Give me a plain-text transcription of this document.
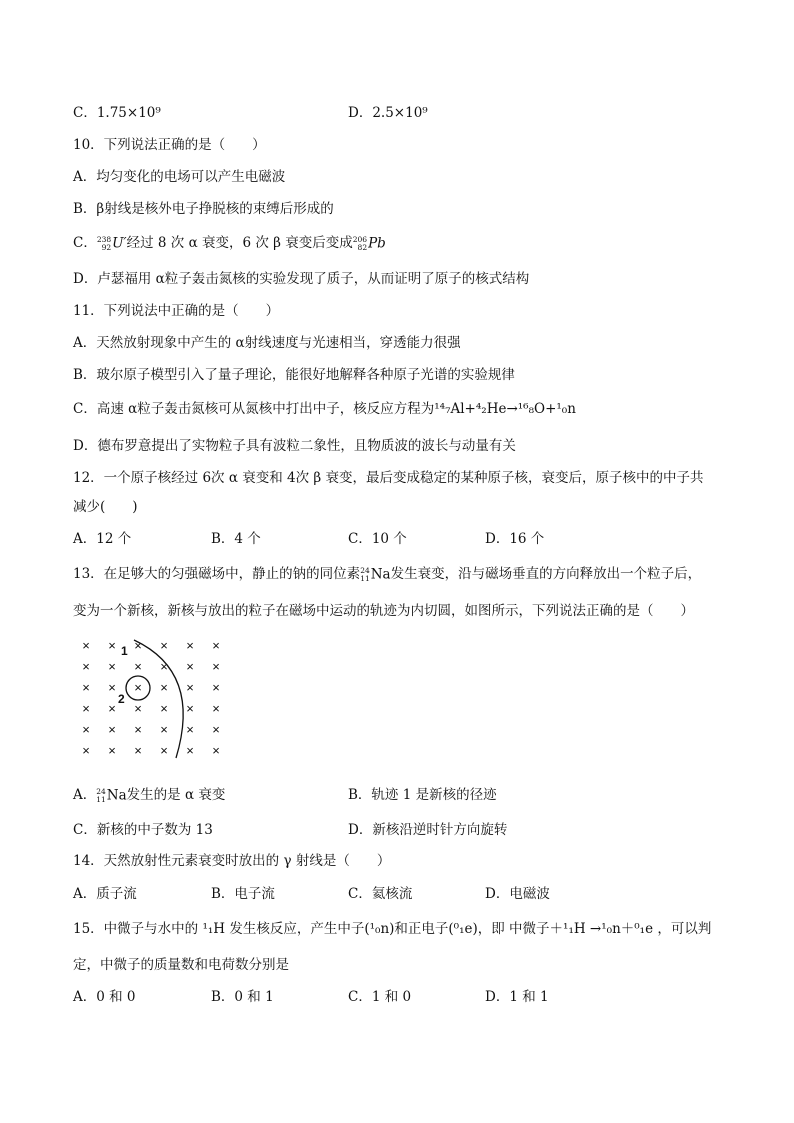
C．1.75×10⁹	D．2.5×10⁹
10．下列说法正确的是（　　）
A．均匀变化的电场可以产生电磁波
B．β射线是核外电子挣脱核的束缚后形成的
C． 238
92 U′经过 8 次 α 衰变，6 次 β 衰变后变成 206
82 Pb
D．卢瑟福用 α粒子轰击氮核的实验发现了质子，从而证明了原子的核式结构
11．下列说法中正确的是（　　）
A．天然放射现象中产生的 α射线速度与光速相当，穿透能力很强
B．玻尔原子模型引入了量子理论，能很好地解释各种原子光谱的实验规律
C．高速 α粒子轰击氮核可从氮核中打出中子，核反应方程为¹⁴₇Al+⁴₂He→¹⁶₈O+¹₀n
D．德布罗意提出了实物粒子具有波粒二象性，且物质波的波长与动量有关
12．一个原子核经过 6次 α 衰变和 4次 β 衰变，最后变成稳定的某种原子核，衰变后，原子核中的中子共
减少(　　)
A．12 个	B．4 个	C．10 个	D．16 个
13．在足够大的匀强磁场中，静止的钠的同位素 24
11 Na发生衰变，沿与磁场垂直的方向释放出一个粒子后，
变为一个新核，新核与放出的粒子在磁场中运动的轨迹为内切圆，如图所示，下列说法正确的是（　　）
× × × × × ×
× × × × × ×
× × × × × ×
× × × × × ×
× × × × × ×
× × × × × ×
1
2
A． 24
11 Na发生的是 α 衰变	B．轨迹 1 是新核的径迹
C．新核的中子数为 13	D．新核沿逆时针方向旋转
14．天然放射性元素衰变时放出的 γ 射线是（　　）
A．质子流	B．电子流	C．氦核流	D．电磁波
15．中微子与水中的 ¹₁H 发生核反应，产生中子(¹₀n)和正电子(⁰₁e)，即 中微子＋¹₁H →¹₀n＋⁰₁e ，可以判
定，中微子的质量数和电荷数分别是
A．0 和 0	B．0 和 1	C．1 和 0	D．1 和 1
